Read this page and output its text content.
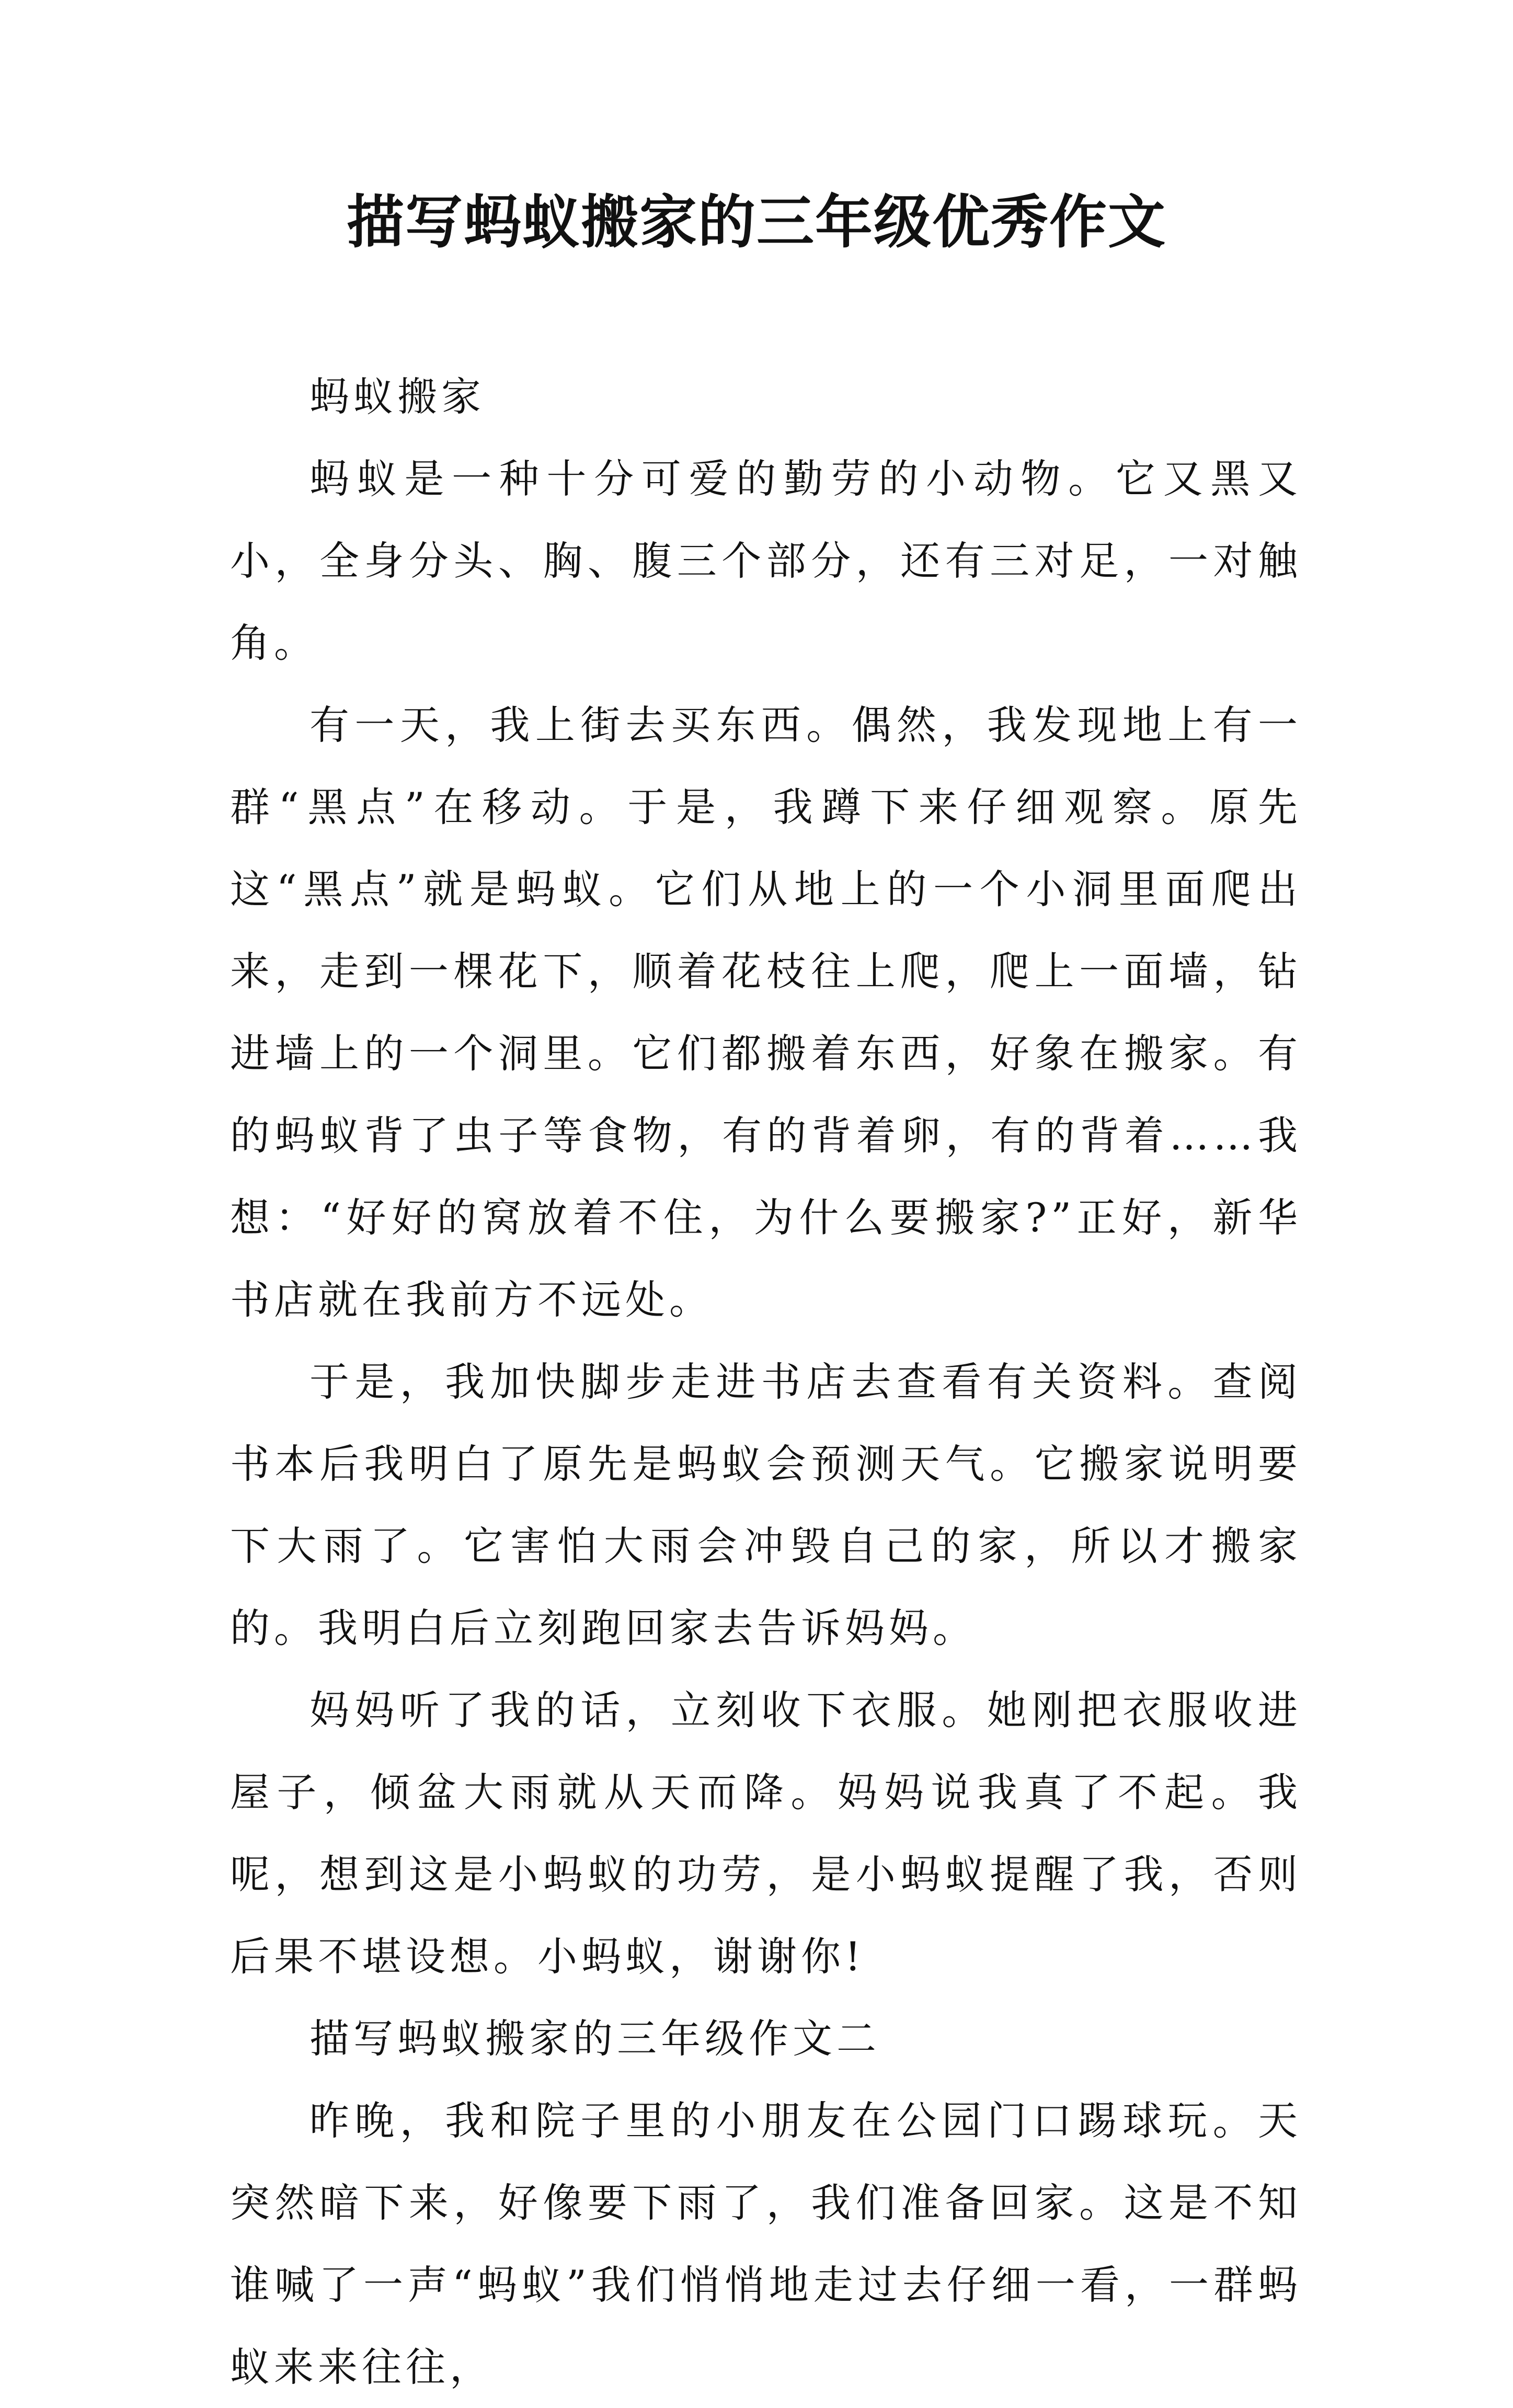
描写蚂蚁搬家的三年级优秀作文

蚂蚁搬家

蚂蚁是一种十分可爱的勤劳的小动物。它又黑又小，全身分头、胸、腹三个部分，还有三对足，一对触角。

有一天，我上街去买东西。偶然，我发现地上有一群“黑点”在移动。于是，我蹲下来仔细观察。原先这“黑点”就是蚂蚁。它们从地上的一个小洞里面爬出来，走到一棵花下，顺着花枝往上爬，爬上一面墙，钻进墙上的一个洞里。它们都搬着东西，好象在搬家。有的蚂蚁背了虫子等食物，有的背着卵，有的背着……我想：“好好的窝放着不住，为什么要搬家?”正好，新华书店就在我前方不远处。

于是，我加快脚步走进书店去查看有关资料。查阅书本后我明白了原先是蚂蚁会预测天气。它搬家说明要下大雨了。它害怕大雨会冲毁自己的家，所以才搬家的。我明白后立刻跑回家去告诉妈妈。

妈妈听了我的话，立刻收下衣服。她刚把衣服收进屋子，倾盆大雨就从天而降。妈妈说我真了不起。我呢，想到这是小蚂蚁的功劳，是小蚂蚁提醒了我，否则后果不堪设想。小蚂蚁，谢谢你!

描写蚂蚁搬家的三年级作文二

昨晚，我和院子里的小朋友在公园门口踢球玩。天突然暗下来，好像要下雨了，我们准备回家。这是不知谁喊了一声“蚂蚁”我们悄悄地走过去仔细一看，一群蚂蚁来来往往，
